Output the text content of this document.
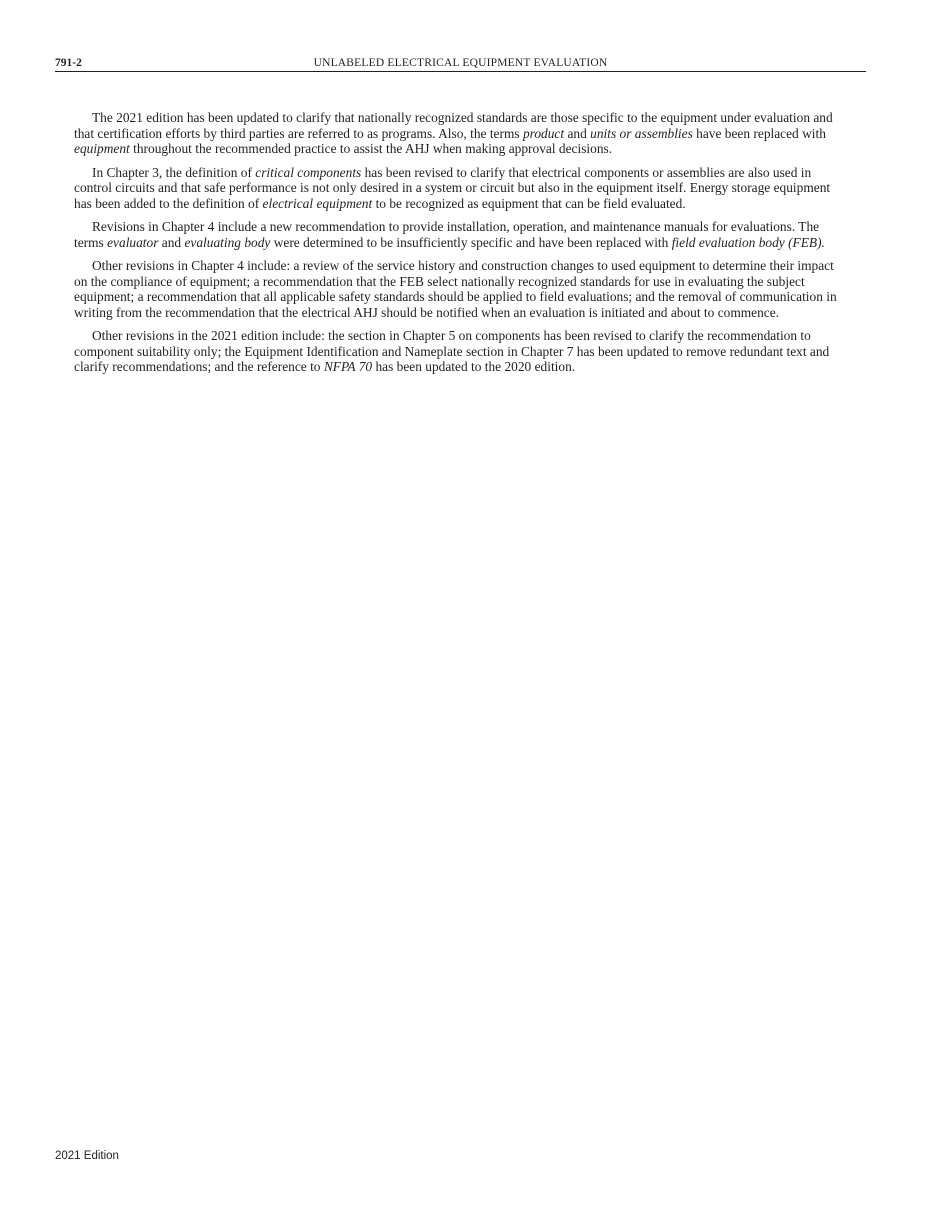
791-2	UNLABELED ELECTRICAL EQUIPMENT EVALUATION

The 2021 edition has been updated to clarify that nationally recognized standards are those specific to the equipment under evaluation and that certification efforts by third parties are referred to as programs. Also, the terms product and units or assemblies have been replaced with equipment throughout the recommended practice to assist the AHJ when making approval decisions.

In Chapter 3, the definition of critical components has been revised to clarify that electrical components or assemblies are also used in control circuits and that safe performance is not only desired in a system or circuit but also in the equipment itself. Energy storage equipment has been added to the definition of electrical equipment to be recognized as equipment that can be field evaluated.

Revisions in Chapter 4 include a new recommendation to provide installation, operation, and maintenance manuals for evaluations. The terms evaluator and evaluating body were determined to be insufficiently specific and have been replaced with field evaluation body (FEB).

Other revisions in Chapter 4 include: a review of the service history and construction changes to used equipment to determine their impact on the compliance of equipment; a recommendation that the FEB select nationally recognized standards for use in evaluating the subject equipment; a recommendation that all applicable safety standards should be applied to field evaluations; and the removal of communication in writing from the recommendation that the electrical AHJ should be notified when an evaluation is initiated and about to commence.

Other revisions in the 2021 edition include: the section in Chapter 5 on components has been revised to clarify the recommendation to component suitability only; the Equipment Identification and Nameplate section in Chapter 7 has been updated to remove redundant text and clarify recommendations; and the reference to NFPA 70 has been updated to the 2020 edition.

2021 Edition
